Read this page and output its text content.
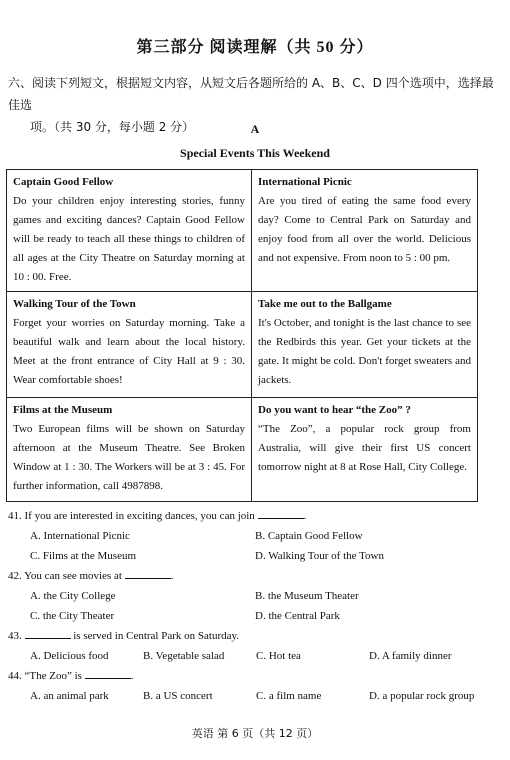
第三部分 阅读理解（共 50 分）
六、阅读下列短文，根据短文内容，从短文后各题所给的 A、B、C、D 四个选项中，选择最佳选
项。（共 30 分，每小题 2 分）	A
Special Events This Weekend
Captain Good Fellow
Do your children enjoy interesting stories, funny games and exciting dances? Captain Good Fellow will be ready to teach all these things to children of all ages at the City Theatre on Saturday morning at 10 : 00. Free.
International Picnic
Are you tired of eating the same food every day? Come to Central Park on Saturday and enjoy food from all over the world. Delicious and not expensive. From noon to 5 : 00 pm.
Walking Tour of the Town
Forget your worries on Saturday morning. Take a beautiful walk and learn about the local history. Meet at the front entrance of City Hall at 9 : 30. Wear comfortable shoes!
Take me out to the Ballgame
It's October, and tonight is the last chance to see the Redbirds this year. Get your tickets at the gate. It might be cold. Don't forget sweaters and jackets.
Films at the Museum
Two European films will be shown on Saturday afternoon at the Museum Theatre. See Broken Window at 1 : 30. The Workers will be at 3 : 45. For further information, call 4987898.
Do you want to hear “the Zoo” ?
“The Zoo”, a popular rock group from Australia, will give their first US concert tomorrow night at 8 at Rose Hall, City College.
41. If you are interested in exciting dances, you can join	.
A. International Picnic	B. Captain Good Fellow
C. Films at the Museum	D. Walking Tour of the Town
42. You can see movies at	.
A. the City College	B. the Museum Theater
C. the City Theater	D. the Central Park
43.	is served in Central Park on Saturday.
A. Delicious food	B. Vegetable salad	C. Hot tea	D. A family dinner
44. “The Zoo” is	.
A. an animal park	B. a US concert	C. a film name	D. a popular rock group
英语 第 6 页（共 12 页）
